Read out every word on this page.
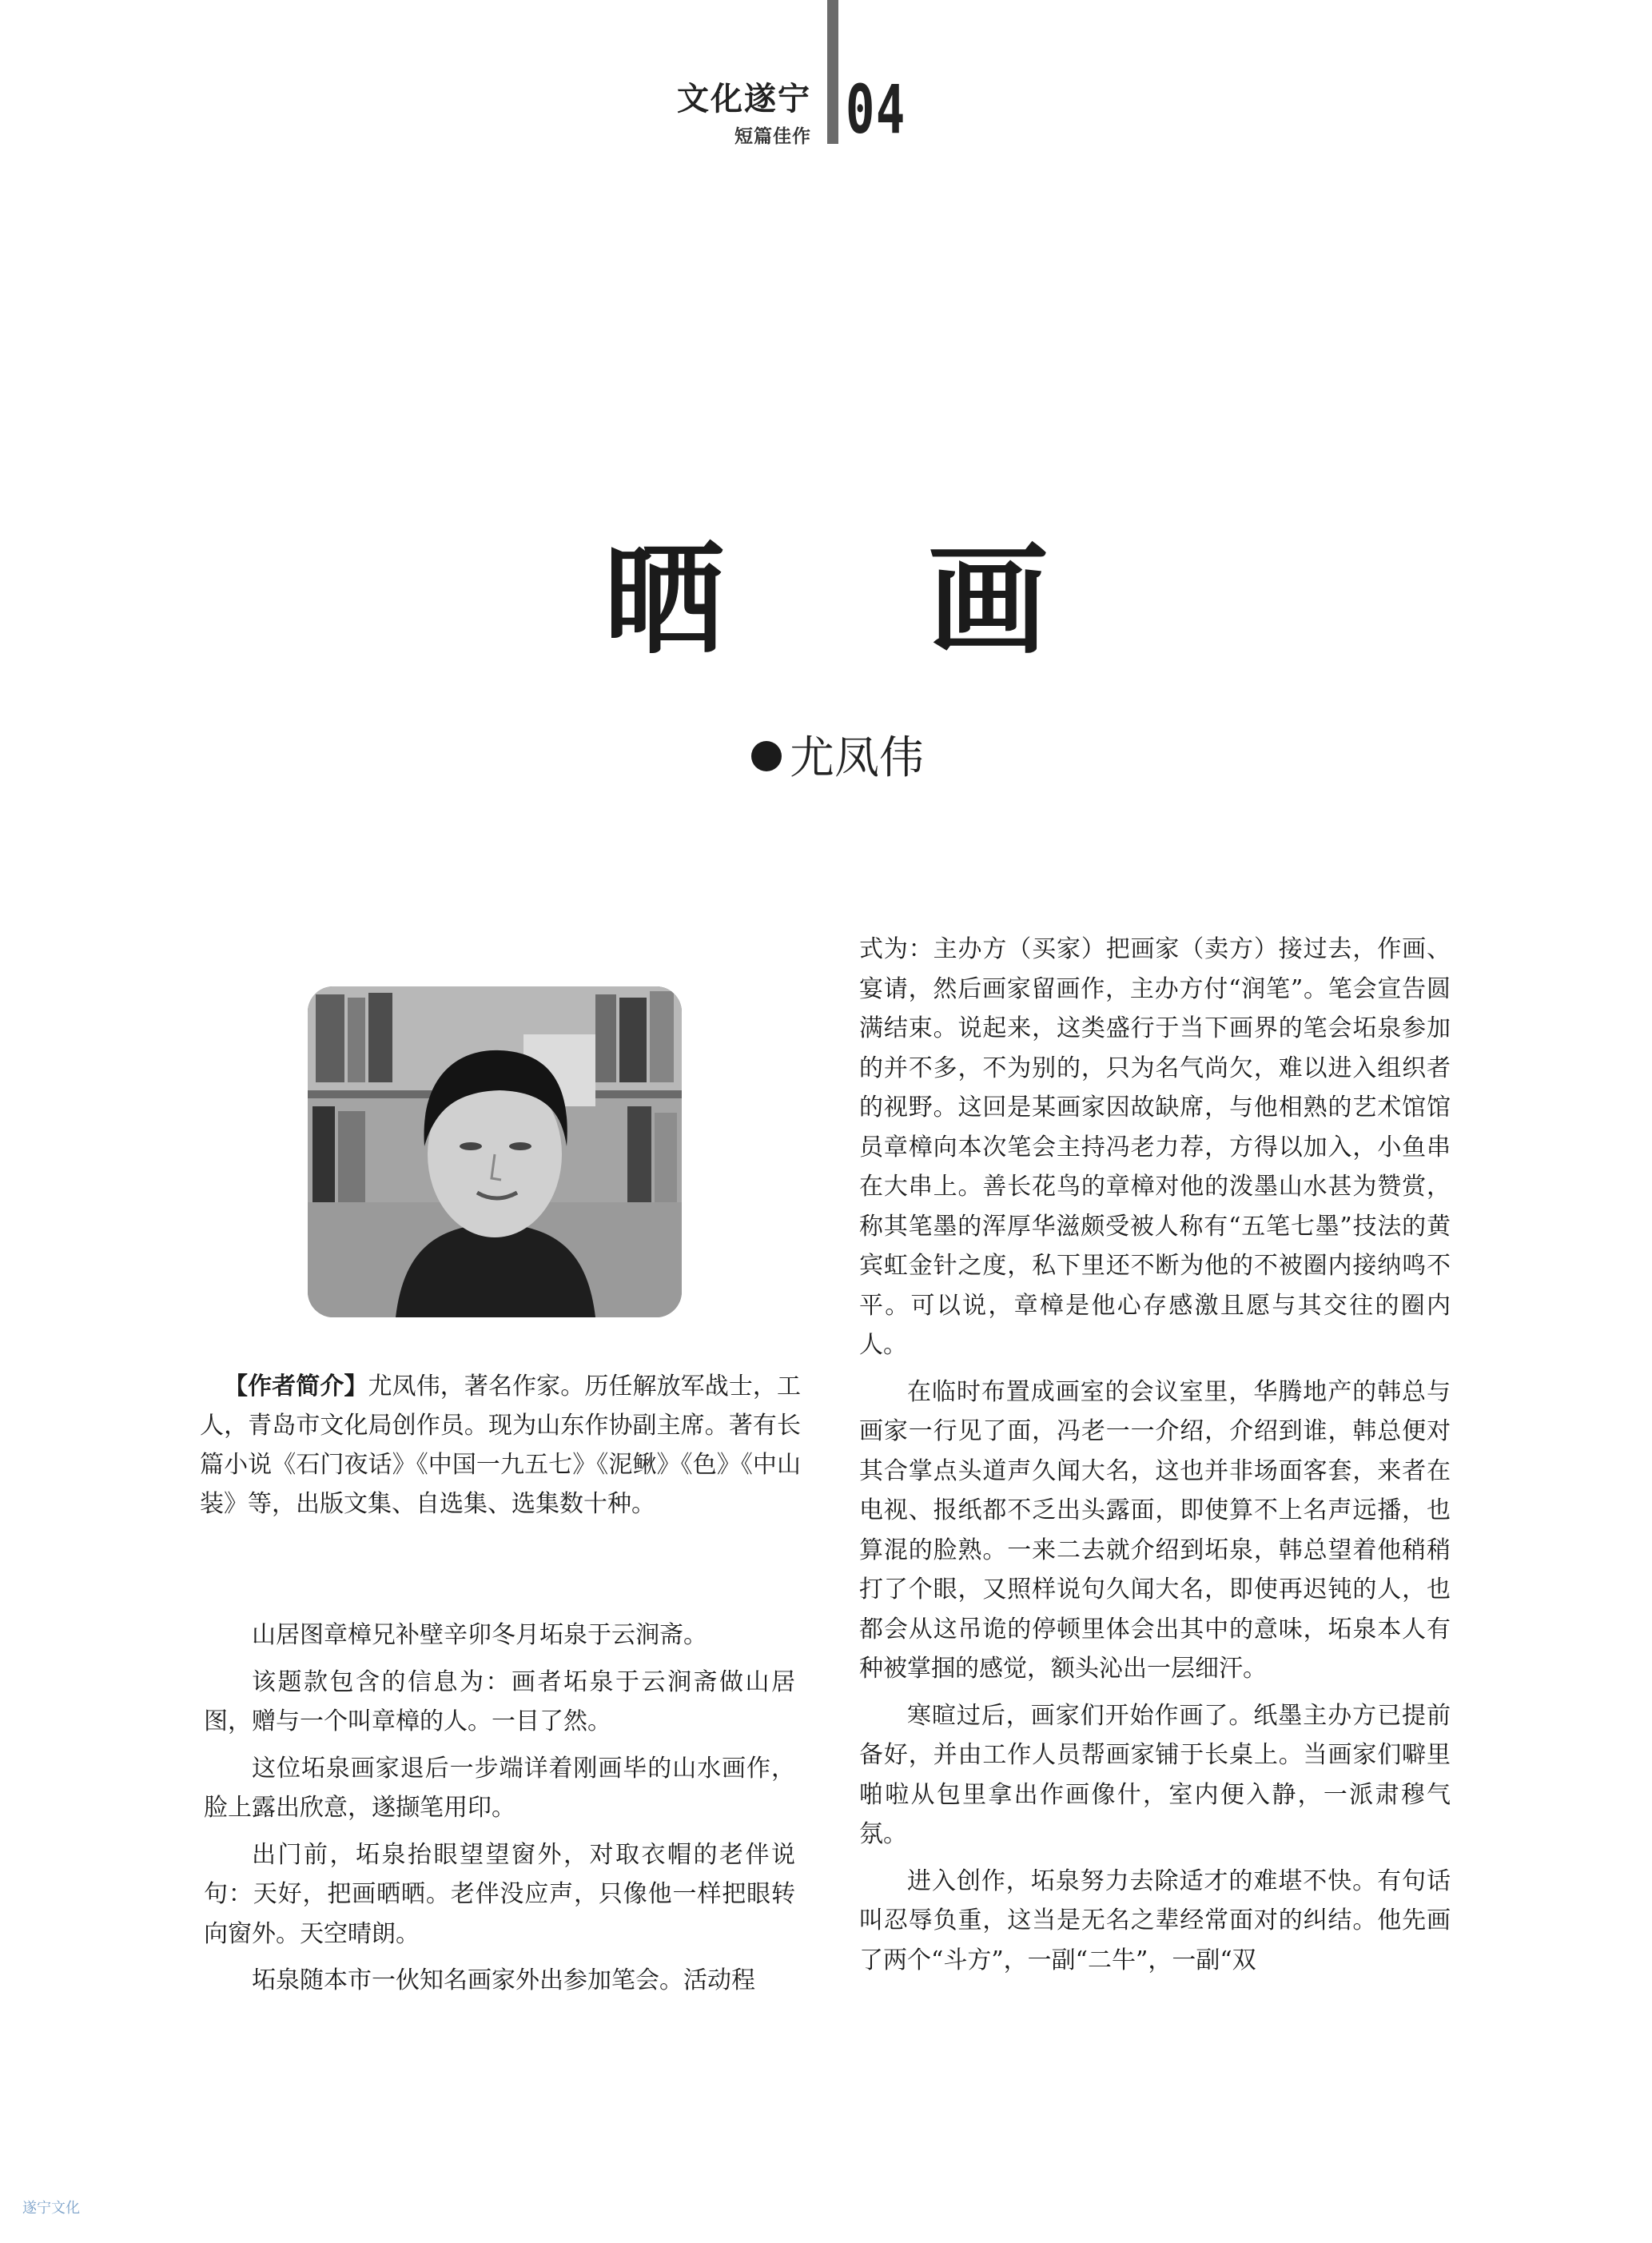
文化遂宁
短篇佳作 04
晒 画
尤凤伟
【作者简介】尤凤伟，著名作家。历任解放军战士，工人，青岛市文化局创作员。现为山东作协副主席。著有长篇小说《石门夜话》《中国一九五七》《泥鳅》《色》《中山装》等，出版文集、自选集、选集数十种。

山居图章樟兄补壁辛卯冬月坧泉于云涧斋。

该题款包含的信息为：画者坧泉于云涧斋做山居图，赠与一个叫章樟的人。一目了然。

这位坧泉画家退后一步端详着刚画毕的山水画作，脸上露出欣意，遂撷笔用印。

出门前，坧泉抬眼望望窗外，对取衣帽的老伴说句：天好，把画晒晒。老伴没应声，只像他一样把眼转向窗外。天空晴朗。

坧泉随本市一伙知名画家外出参加笔会。活动程

式为：主办方（买家）把画家（卖方）接过去，作画、宴请，然后画家留画作，主办方付“润笔”。笔会宣告圆满结束。说起来，这类盛行于当下画界的笔会坧泉参加的并不多，不为别的，只为名气尚欠，难以进入组织者的视野。这回是某画家因故缺席，与他相熟的艺术馆馆员章樟向本次笔会主持冯老力荐，方得以加入，小鱼串在大串上。善长花鸟的章樟对他的泼墨山水甚为赞赏，称其笔墨的浑厚华滋颇受被人称有“五笔七墨”技法的黄宾虹金针之度，私下里还不断为他的不被圈内接纳鸣不平。可以说，章樟是他心存感激且愿与其交往的圈内人。

在临时布置成画室的会议室里，华腾地产的韩总与画家一行见了面，冯老一一介绍，介绍到谁，韩总便对其合掌点头道声久闻大名，这也并非场面客套，来者在电视、报纸都不乏出头露面，即使算不上名声远播，也算混的脸熟。一来二去就介绍到坧泉，韩总望着他稍稍打了个眼，又照样说句久闻大名，即使再迟钝的人，也都会从这吊诡的停顿里体会出其中的意味，坧泉本人有种被掌掴的感觉，额头沁出一层细汗。

寒暄过后，画家们开始作画了。纸墨主办方已提前备好，并由工作人员帮画家铺于长桌上。当画家们噼里啪啦从包里拿出作画像什，室内便入静，一派肃穆气氛。

进入创作，坧泉努力去除适才的难堪不快。有句话叫忍辱负重，这当是无名之辈经常面对的纠结。他先画了两个“斗方”，一副“二牛”，一副“双

遂宁文化
